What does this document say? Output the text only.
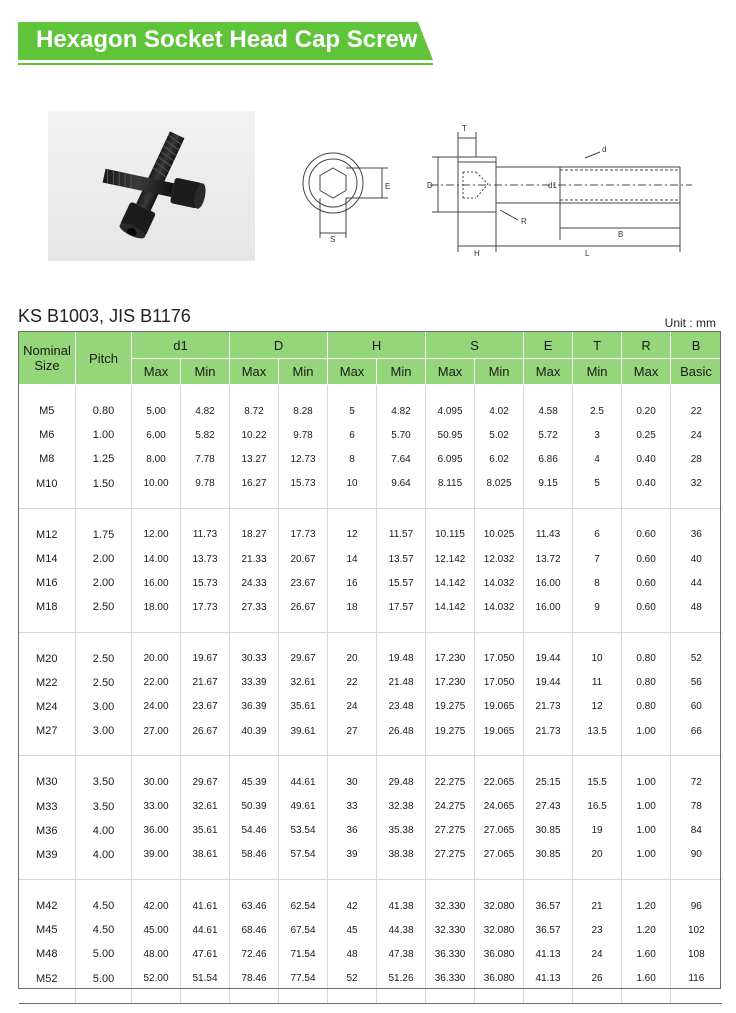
Hexagon Socket Head Cap Screw
S
E
T
D	d1
d
R
B
H	L
KS B1003, JIS B1176	Unit : mm
Nominal Size	Pitch	d1		D		H		S		E	T	R	B
		Max	Min	Max	Min	Max	Min	Max	Min	Max	Min	Max	Basic
M5	0.80	5.00	4.82	8.72	8.28	5	4.82	4.095	4.02	4.58	2.5	0.20	22
M6	1.00	6.00	5.82	10.22	9.78	6	5.70	50.95	5.02	5.72	3	0.25	24
M8	1.25	8.00	7.78	13.27	12.73	8	7.64	6.095	6.02	6.86	4	0.40	28
M10	1.50	10.00	9.78	16.27	15.73	10	9.64	8.115	8.025	9.15	5	0.40	32
M12	1.75	12.00	11.73	18.27	17.73	12	11.57	10.115	10.025	11.43	6	0.60	36
M14	2.00	14.00	13.73	21.33	20.67	14	13.57	12.142	12.032	13.72	7	0.60	40
M16	2.00	16.00	15.73	24.33	23.67	16	15.57	14.142	14.032	16.00	8	0.60	44
M18	2.50	18.00	17.73	27.33	26.67	18	17.57	14.142	14.032	16.00	9	0.60	48
M20	2.50	20.00	19.67	30.33	29.67	20	19.48	17.230	17.050	19.44	10	0.80	52
M22	2.50	22.00	21.67	33.39	32.61	22	21.48	17.230	17.050	19.44	11	0.80	56
M24	3.00	24.00	23.67	36.39	35.61	24	23.48	19.275	19.065	21.73	12	0.80	60
M27	3.00	27.00	26.67	40.39	39.61	27	26.48	19.275	19.065	21.73	13.5	1.00	66
M30	3.50	30.00	29.67	45.39	44.61	30	29.48	22.275	22.065	25.15	15.5	1.00	72
M33	3.50	33.00	32.61	50.39	49.61	33	32.38	24.275	24.065	27.43	16.5	1.00	78
M36	4.00	36.00	35.61	54.46	53.54	36	35.38	27.275	27.065	30.85	19	1.00	84
M39	4.00	39.00	38.61	58.46	57.54	39	38.38	27.275	27.065	30.85	20	1.00	90
M42	4.50	42.00	41.61	63.46	62.54	42	41.38	32.330	32.080	36.57	21	1.20	96
M45	4.50	45.00	44.61	68.46	67.54	45	44.38	32.330	32.080	36.57	23	1.20	102
M48	5.00	48.00	47.61	72.46	71.54	48	47.38	36.330	36.080	41.13	24	1.60	108
M52	5.00	52.00	51.54	78.46	77.54	52	51.26	36.330	36.080	41.13	26	1.60	116
